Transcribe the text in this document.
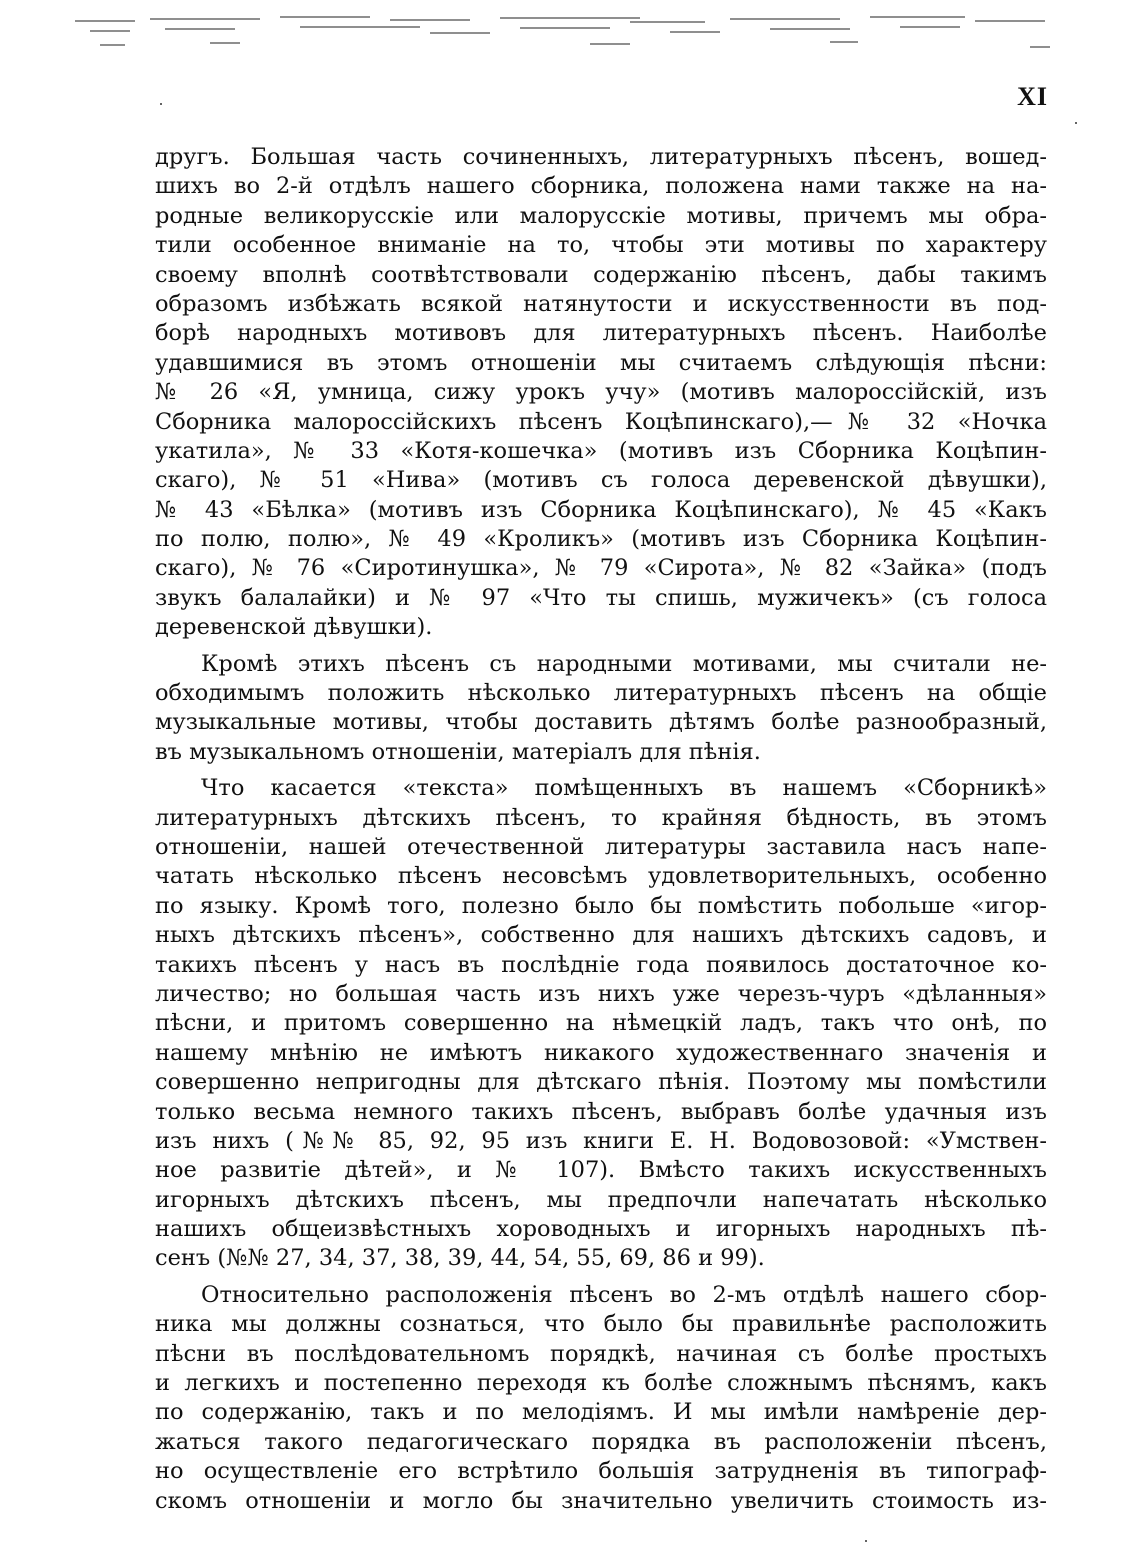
XI
другъ. Большая часть сочиненныхъ, литературныхъ пѣсенъ, вошед-
шихъ во 2-й отдѣлъ нашего сборника, положена нами также на на-
родные великорусскіе или малорусскіе мотивы, причемъ мы обра-
тили особенное вниманіе на то, чтобы эти мотивы по характеру
своему вполнѣ соотвѣтствовали содержанію пѣсенъ, дабы такимъ
образомъ избѣжать всякой натянутости и искусственности въ под-
борѣ народныхъ мотивовъ для литературныхъ пѣсенъ. Наиболѣе
удавшимися въ этомъ отношеніи мы считаемъ слѣдующія пѣсни:
№ 26 «Я, умница, сижу урокъ учу» (мотивъ малороссійскій, изъ
Сборника малороссійскихъ пѣсенъ Коцѣпинскаго),—№ 32 «Ночка
укатила», № 33 «Котя-кошечка» (мотивъ изъ Сборника Коцѣпин-
скаго), № 51 «Нива» (мотивъ съ голоса деревенской дѣвушки),
№ 43 «Бѣлка» (мотивъ изъ Сборника Коцѣпинскаго), № 45 «Какъ
по полю, полю», № 49 «Кроликъ» (мотивъ изъ Сборника Коцѣпин-
скаго), № 76 «Сиротинушка», № 79 «Сирота», № 82 «Зайка» (подъ
звукъ балалайки) и № 97 «Что ты спишь, мужичекъ» (съ голоса
деревенской дѣвушки).
Кромѣ этихъ пѣсенъ съ народными мотивами, мы считали не-
обходимымъ положить нѣсколько литературныхъ пѣсенъ на общіе
музыкальные мотивы, чтобы доставить дѣтямъ болѣе разнообразный,
въ музыкальномъ отношеніи, матеріалъ для пѣнія.
Что касается «текста» помѣщенныхъ въ нашемъ «Сборникѣ»
литературныхъ дѣтскихъ пѣсенъ, то крайняя бѣдность, въ этомъ
отношеніи, нашей отечественной литературы заставила насъ напе-
чатать нѣсколько пѣсенъ несовсѣмъ удовлетворительныхъ, особенно
по языку. Кромѣ того, полезно было бы помѣстить побольше «игор-
ныхъ дѣтскихъ пѣсенъ», собственно для нашихъ дѣтскихъ садовъ, и
такихъ пѣсенъ у насъ въ послѣдніе года появилось достаточное ко-
личество; но большая часть изъ нихъ уже черезъ-чуръ «дѣланныя»
пѣсни, и притомъ совершенно на нѣмецкій ладъ, такъ что онѣ, по
нашему мнѣнію не имѣютъ никакого художественнаго значенія и
совершенно непригодны для дѣтскаго пѣнія. Поэтому мы помѣстили
только весьма немного такихъ пѣсенъ, выбравъ болѣе удачныя изъ
изъ нихъ (№№ 85, 92, 95 изъ книги Е. Н. Водовозовой: «Умствен-
ное развитіе дѣтей», и № 107). Вмѣсто такихъ искусственныхъ
игорныхъ дѣтскихъ пѣсенъ, мы предпочли напечатать нѣсколько
нашихъ общеизвѣстныхъ хороводныхъ и игорныхъ народныхъ пѣ-
сенъ (№№ 27, 34, 37, 38, 39, 44, 54, 55, 69, 86 и 99).
Относительно расположенія пѣсенъ во 2-мъ отдѣлѣ нашего сбор-
ника мы должны сознаться, что было бы правильнѣе расположить
пѣсни въ послѣдовательномъ порядкѣ, начиная съ болѣе простыхъ
и легкихъ и постепенно переходя къ болѣе сложнымъ пѣснямъ, какъ
по содержанію, такъ и по мелодіямъ. И мы имѣли намѣреніе дер-
жаться такого педагогическаго порядка въ расположеніи пѣсенъ,
но осуществленіе его встрѣтило большія затрудненія въ типограф-
скомъ отношеніи и могло бы значительно увеличить стоимость из-
